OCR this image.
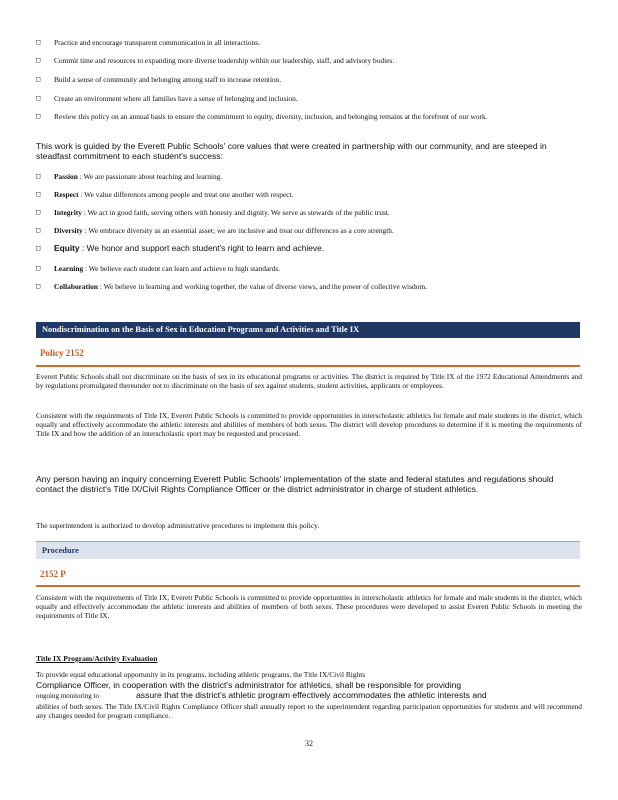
□	Practice and encourage transparent communication in all interactions.
□	Commit time and resources to expanding more diverse leadership within our leadership, staff, and advisory bodies.
□	Build a sense of community and belonging among staff to increase retention.
□	Create an environment where all families have a sense of belonging and inclusion.
□	Review this policy on an annual basis to ensure the commitment to equity, diversity, inclusion, and belonging remains at the forefront of our work.
This work is guided by the Everett Public Schools' core values that were created in partnership with our community, and are steeped in steadfast commitment to each student's success:
□	Passion : We are passionate about teaching and learning.
□	Respect : We value differences among people and treat one another with respect.
□	Integrity : We act in good faith, serving others with honesty and dignity. We serve as stewards of the public trust.
□	Diversity : We embrace diversity as an essential asset; we are inclusive and treat our differences as a core strength.
□	Equity : We honor and support each student's right to learn and achieve.
□	Learning : We believe each student can learn and achieve to high standards.
□	Collaboration : We believe in learning and working together, the value of diverse views, and the power of collective wisdom.
Nondiscrimination on the Basis of Sex in Education Programs and Activities and Title IX
Policy 2152
Everett Public Schools shall not discriminate on the basis of sex in its educational programs or activities. The district is required by Title IX of the 1972 Educational Amendments and by regulations promulgated thereunder not to discriminate on the basis of sex against students, student activities, applicants or employees.
Consistent with the requirements of Title IX, Everett Public Schools is committed to provide opportunities in interscholastic athletics for female and male students in the district, which equally and effectively accommodate the athletic interests and abilities of members of both sexes. The district will develop procedures to determine if it is meeting the requirements of Title IX and how the addition of an interscholastic sport may be requested and processed.
Any person having an inquiry concerning Everett Public Schools' implementation of the state and federal statutes and regulations should contact the district's Title IX/Civil Rights Compliance Officer or the district administrator in charge of student athletics.
The superintendent is authorized to develop administrative procedures to implement this policy.
Procedure
2152 P
Consistent with the requirements of Title IX, Everett Public Schools is committed to provide opportunities in interscholastic athletics for female and male students in the district, which equally and effectively accommodate the athletic interests and abilities of members of both sexes. These procedures were developed to assist Everett Public Schools in meeting the requirements of Title IX.
Title IX Program/Activity Evaluation
To provide equal educational opportunity in its programs, including athletic programs, the Title IX/Civil Rights
Compliance Officer, in cooperation with the district's administrator for athletics, shall be responsible for providing
ongoing monitoring to	assure that the district's athletic program effectively accommodates the athletic interests and
abilities of both sexes. The Title IX/Civil Rights Compliance Officer shall annually report to the superintendent regarding participation opportunities for students and will recommend any changes needed for program compliance.
32
